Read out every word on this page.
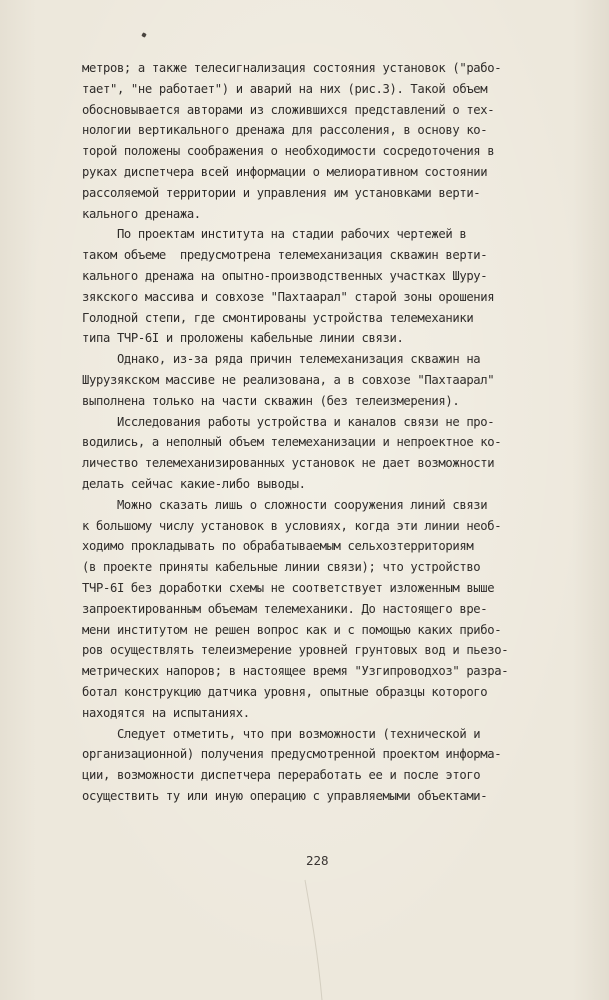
метров; а также телесигнализация состояния установок ("рабо-
тает", "не работает") и аварий на них (рис.3). Такой объем
обосновывается авторами из сложившихся представлений о тех-
нологии вертикального дренажа для рассоления, в основу ко-
торой положены соображения о необходимости сосредоточения в
руках диспетчера всей информации о мелиоративном состоянии
рассоляемой территории и управления им установками верти-
кального дренажа.
По проектам института на стадии рабочих чертежей в
таком объеме  предусмотрена телемеханизация скважин верти-
кального дренажа на опытно-производственных участках Шуру-
зякского массива и совхозе "Пахтаарал" старой зоны орошения
Голодной степи, где смонтированы устройства телемеханики
типа ТЧР-6I и проложены кабельные линии связи.
Однако, из-за ряда причин телемеханизация скважин на
Шурузякском массиве не реализована, а в совхозе "Пахтаарал"
выполнена только на части скважин (без телеизмерения).
Исследования работы устройства и каналов связи не про-
водились, а неполный объем телемеханизации и непроектное ко-
личество телемеханизированных установок не дает возможности
делать сейчас какие-либо выводы.
Можно сказать лишь о сложности сооружения линий связи
к большому числу установок в условиях, когда эти линии необ-
ходимо прокладывать по обрабатываемым сельхозтерриториям
(в проекте приняты кабельные линии связи); что устройство
ТЧР-6I без доработки схемы не соответствует изложенным выше
запроектированным объемам телемеханики. До настоящего вре-
мени институтом не решен вопрос как и с помощью каких прибо-
ров осуществлять телеизмерение уровней грунтовых вод и пьезо-
метрических напоров; в настоящее время "Узгипроводхоз" разра-
ботал конструкцию датчика уровня, опытные образцы которого
находятся на испытаниях.
Следует отметить, что при возможности (технической и
организационной) получения предусмотренной проектом информа-
ции, возможности диспетчера переработать ее и после этого
осуществить ту или иную операцию с управляемыми объектами-
228
